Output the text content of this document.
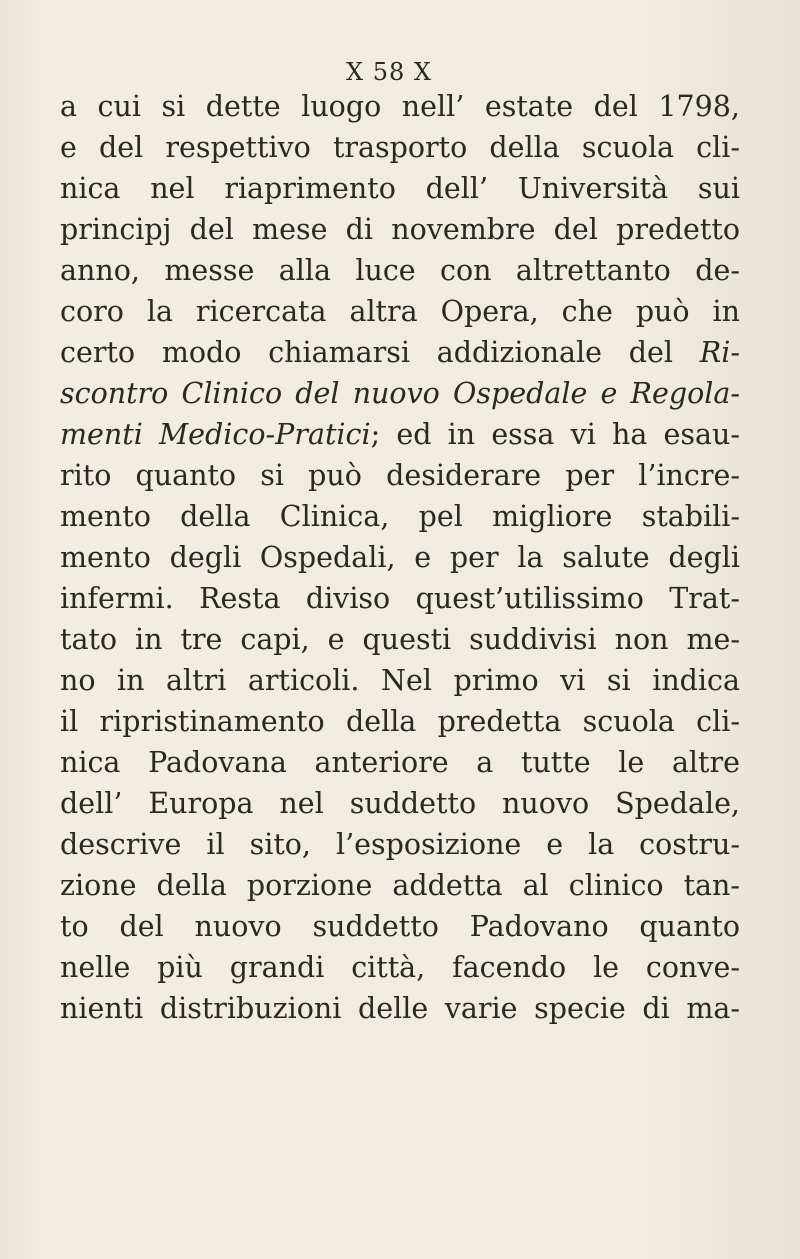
X 58 X
a cui si dette luogo nell’ estate del 1798,
e del respettivo trasporto della scuola cli-
nica nel riaprimento dell’ Università sui
principj del mese di novembre del predetto
anno, messe alla luce con altrettanto de-
coro la ricercata altra Opera, che può in
certo modo chiamarsi addizionale del Ri-
scontro Clinico del nuovo Ospedale e Regola-
menti Medico-Pratici; ed in essa vi ha esau-
rito quanto si può desiderare per l’incre-
mento della Clinica, pel migliore stabili-
mento degli Ospedali, e per la salute degli
infermi. Resta diviso quest’utilissimo Trat-
tato in tre capi, e questi suddivisi non me-
no in altri articoli. Nel primo vi si indica
il ripristinamento della predetta scuola cli-
nica Padovana anteriore a tutte le altre
dell’ Europa nel suddetto nuovo Spedale,
descrive il sito, l’esposizione e la costru-
zione della porzione addetta al clinico tan-
to del nuovo suddetto Padovano quanto
nelle più grandi città, facendo le conve-
nienti distribuzioni delle varie specie di ma-
